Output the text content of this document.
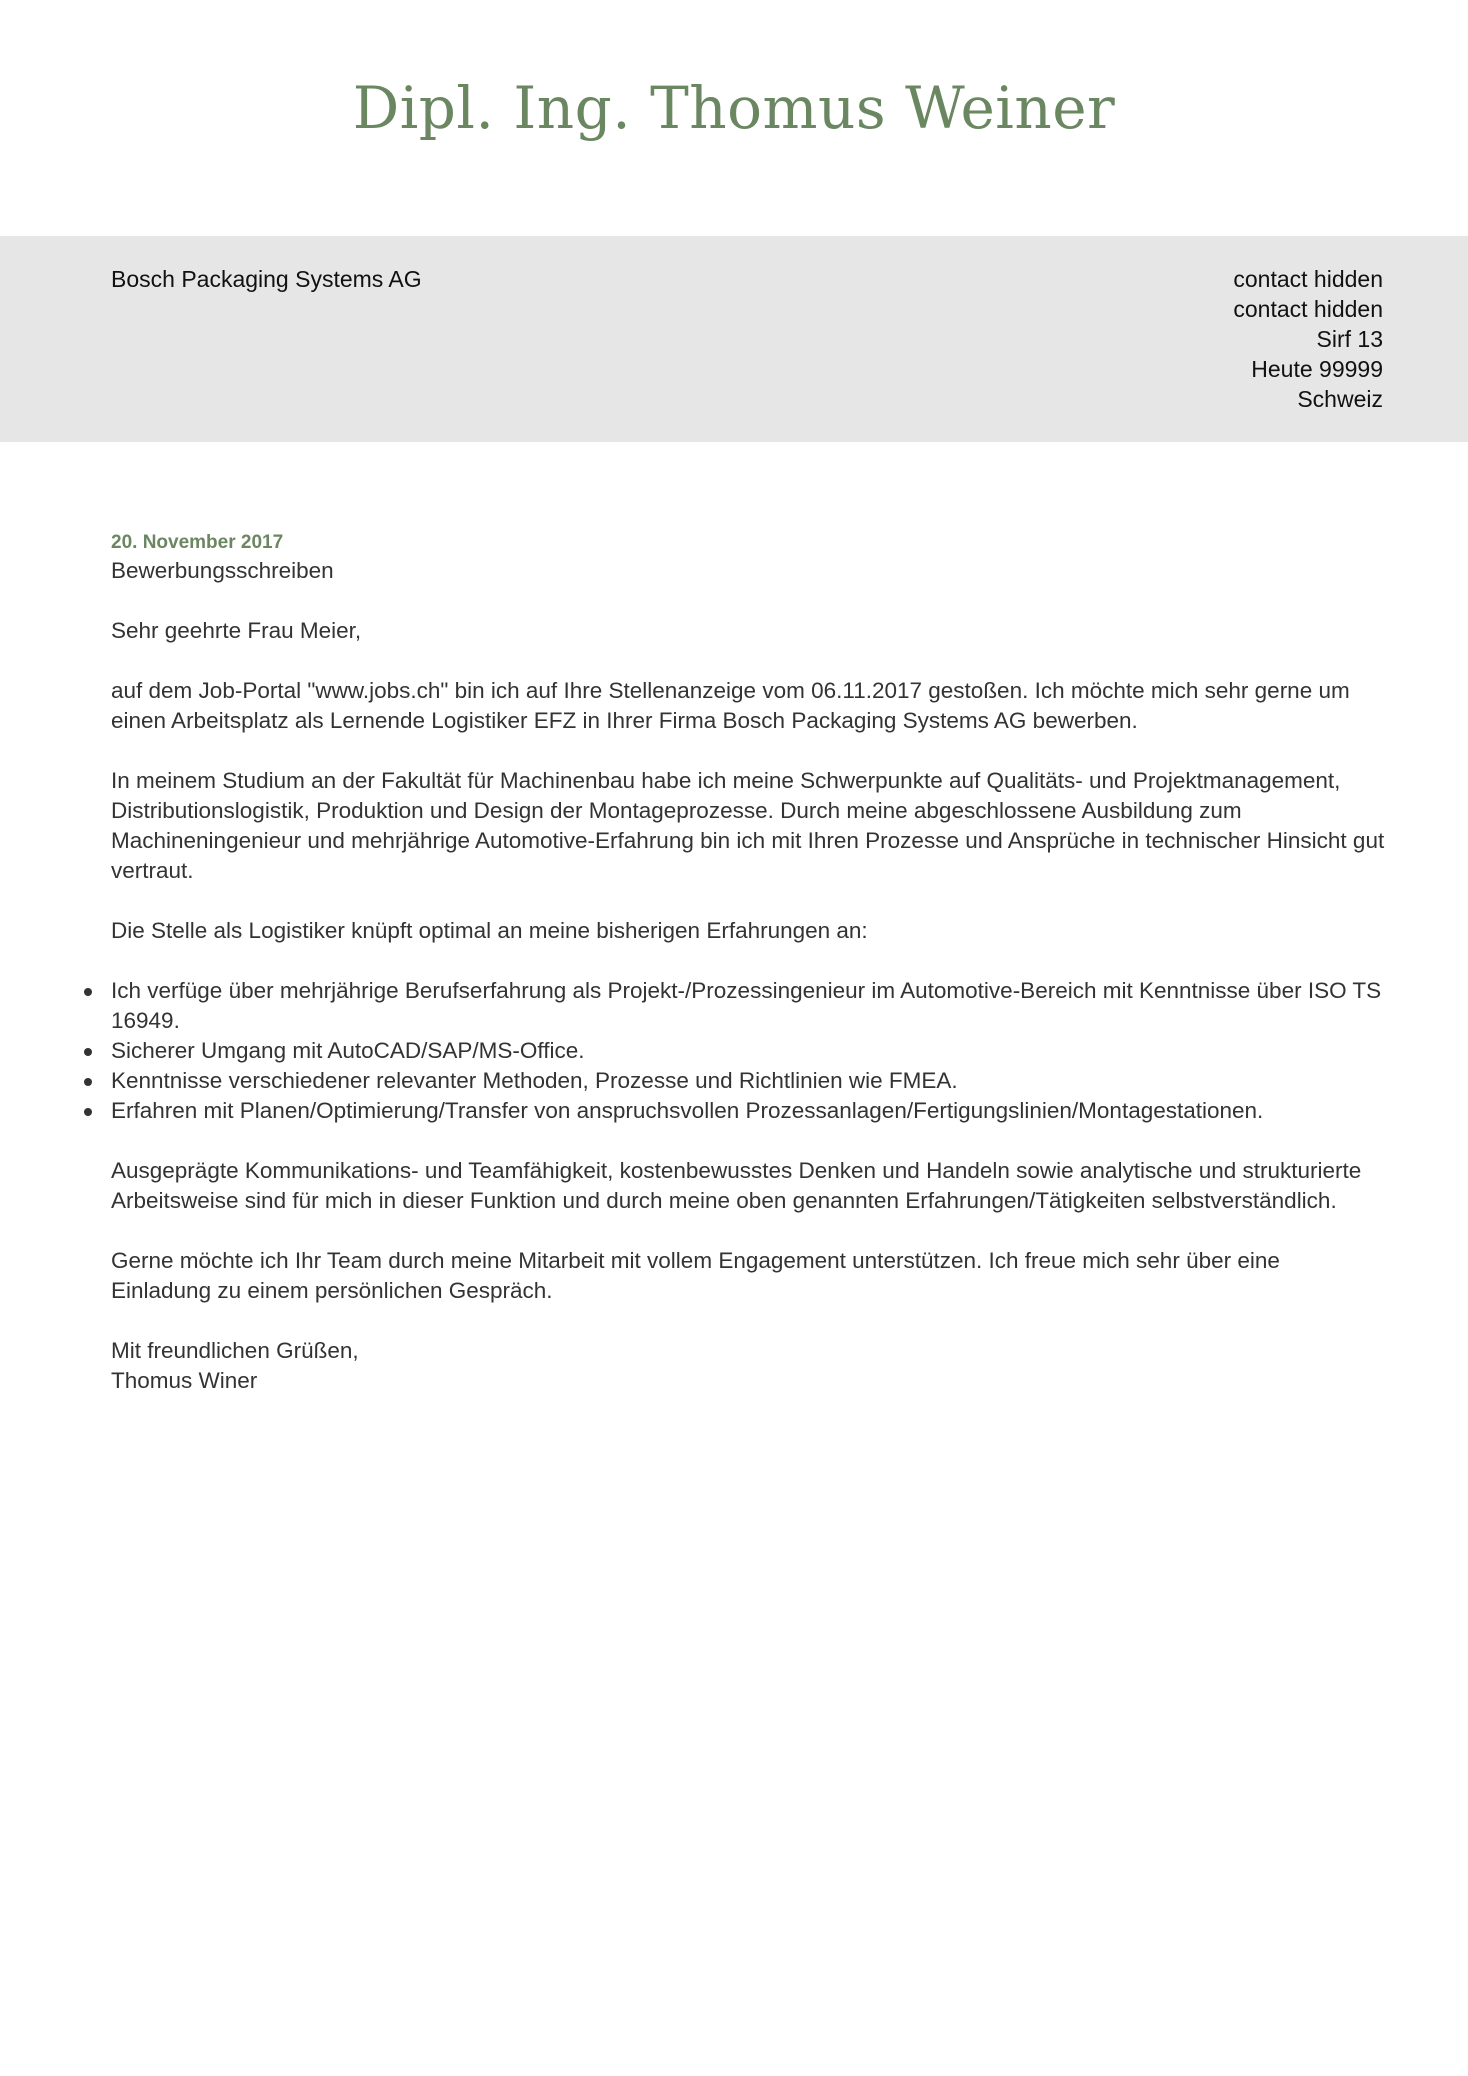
Dipl. Ing. Thomus Weiner
Bosch Packaging Systems AG	contact hidden
contact hidden
Sirf 13
Heute 99999
Schweiz
20. November 2017
Bewerbungsschreiben
Sehr geehrte Frau Meier,
auf dem Job-Portal "www.jobs.ch" bin ich auf Ihre Stellenanzeige vom 06.11.2017 gestoßen. Ich möchte mich sehr gerne um einen Arbeitsplatz als Lernende Logistiker EFZ in Ihrer Firma Bosch Packaging Systems AG bewerben.
In meinem Studium an der Fakultät für Machinenbau habe ich meine Schwerpunkte auf Qualitäts- und Projektmanagement, Distributionslogistik, Produktion und Design der Montageprozesse. Durch meine abgeschlossene Ausbildung zum Machineningenieur und mehrjährige Automotive-Erfahrung bin ich mit Ihren Prozesse und Ansprüche in technischer Hinsicht gut vertraut.
Die Stelle als Logistiker knüpft optimal an meine bisherigen Erfahrungen an:
Ich verfüge über mehrjährige Berufserfahrung als Projekt-/Prozessingenieur im Automotive-Bereich mit Kenntnisse über ISO TS 16949.
Sicherer Umgang mit AutoCAD/SAP/MS-Office.
Kenntnisse verschiedener relevanter Methoden, Prozesse und Richtlinien wie FMEA.
Erfahren mit Planen/Optimierung/Transfer von anspruchsvollen Prozessanlagen/Fertigungslinien/Montagestationen.
Ausgeprägte Kommunikations- und Teamfähigkeit, kostenbewusstes Denken und Handeln sowie analytische und strukturierte Arbeitsweise sind für mich in dieser Funktion und durch meine oben genannten Erfahrungen/Tätigkeiten selbstverständlich.
Gerne möchte ich Ihr Team durch meine Mitarbeit mit vollem Engagement unterstützen. Ich freue mich sehr über eine Einladung zu einem persönlichen Gespräch.
Mit freundlichen Grüßen,
Thomus Winer
